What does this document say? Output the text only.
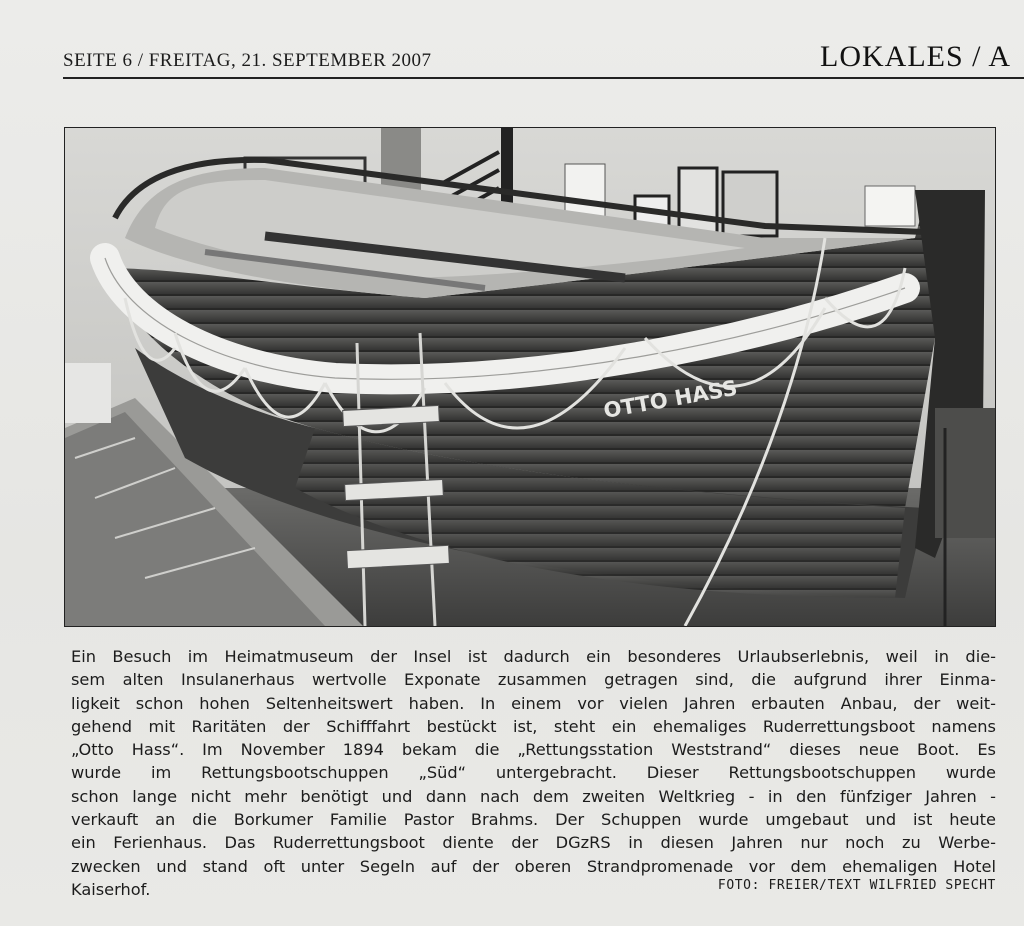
SEITE 6 / FREITAG, 21. SEPTEMBER 2007	LOKALES / A
OTTO HASS
Ein Besuch im Heimatmuseum der Insel ist dadurch ein besonderes Urlaubserlebnis, weil in die-
sem alten Insulanerhaus wertvolle Exponate zusammen getragen sind, die aufgrund ihrer Einma-
ligkeit schon hohen Seltenheitswert haben. In einem vor vielen Jahren erbauten Anbau, der weit-
gehend mit Raritäten der Schifffahrt bestückt ist, steht ein ehemaliges Ruderrettungsboot namens
„Otto Hass“. Im November 1894 bekam die „Rettungsstation Weststrand“ dieses neue Boot. Es
wurde im Rettungsbootschuppen „Süd“ untergebracht. Dieser Rettungsbootschuppen wurde
schon lange nicht mehr benötigt und dann nach dem zweiten Weltkrieg - in den fünfziger Jahren -
verkauft an die Borkumer Familie Pastor Brahms. Der Schuppen wurde umgebaut und ist heute
ein Ferienhaus. Das Ruderrettungsboot diente der DGzRS in diesen Jahren nur noch zu Werbe-
zwecken und stand oft unter Segeln auf der oberen Strandpromenade vor dem ehemaligen Hotel
Kaiserhof.	FOTO: FREIER/TEXT WILFRIED SPECHT
